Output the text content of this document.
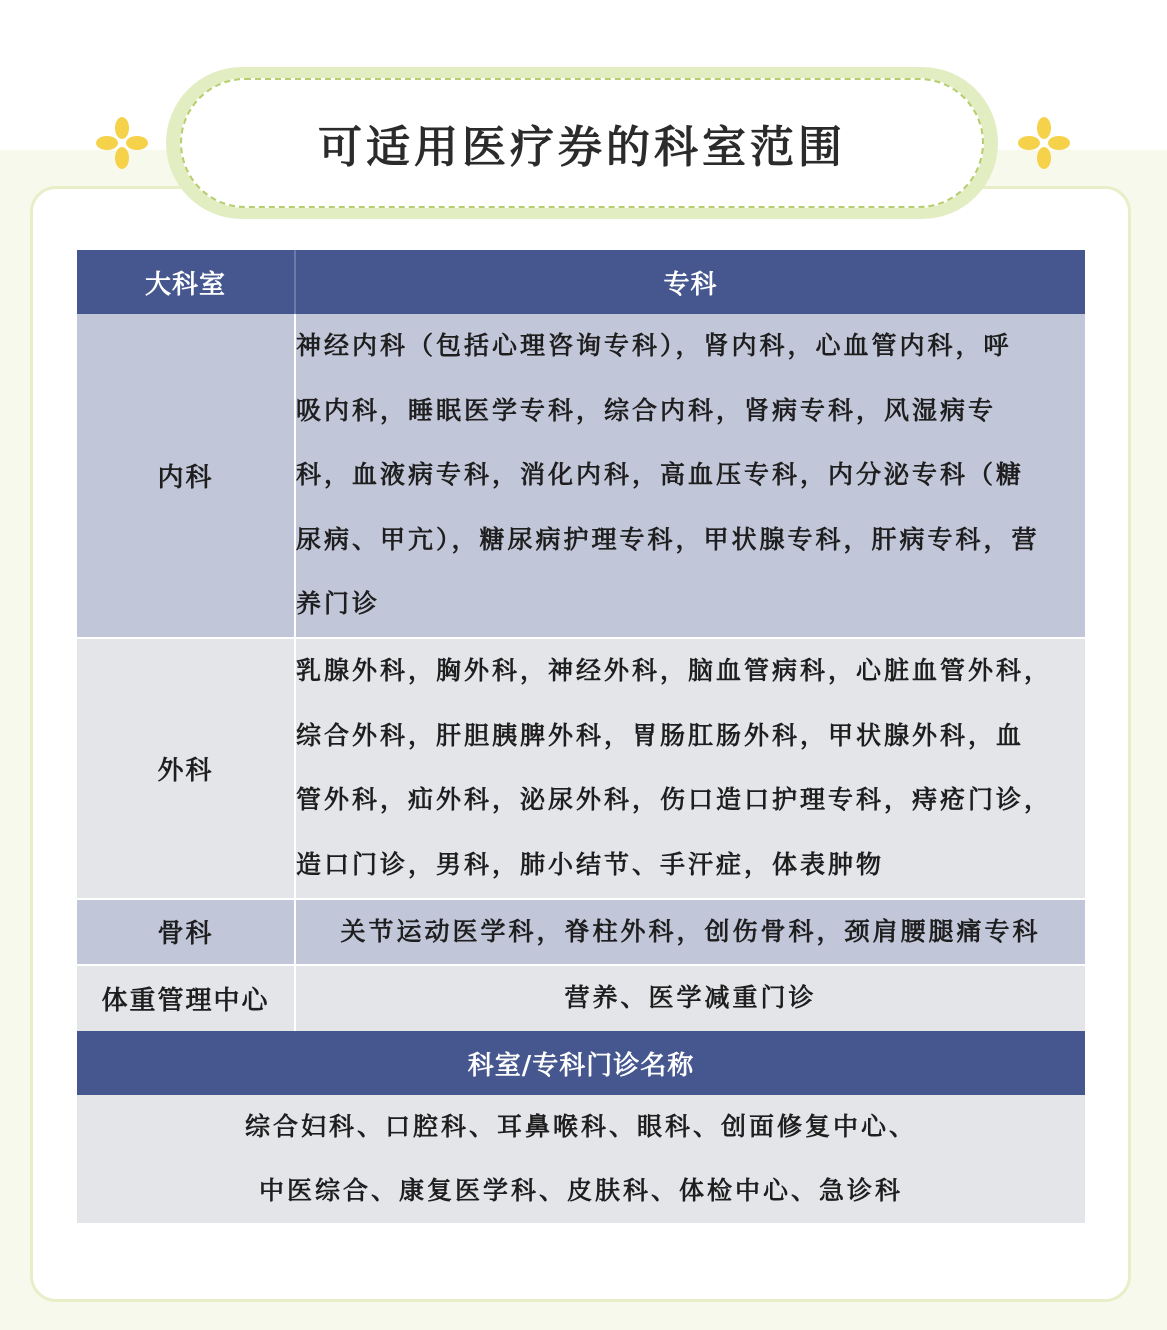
可适用医疗券的科室范围
大科室	专科
内科	神经内科（包括心理咨询专科），肾内科，心血管内科，呼
吸内科，睡眠医学专科，综合内科，肾病专科，风湿病专
科，血液病专科，消化内科，高血压专科，内分泌专科（糖
尿病、甲亢），糖尿病护理专科，甲状腺专科，肝病专科，营
养门诊

外科	乳腺外科，胸外科，神经外科，脑血管病科，心脏血管外科，
综合外科，肝胆胰脾外科，胃肠肛肠外科，甲状腺外科，血
管外科，疝外科，泌尿外科，伤口造口护理专科，痔疮门诊，
造口门诊，男科，肺小结节、手汗症，体表肿物

骨科	关节运动医学科，脊柱外科，创伤骨科，颈肩腰腿痛专科

体重管理中心	营养、医学减重门诊

科室/专科门诊名称	

综合妇科、口腔科、耳鼻喉科、眼科、创面修复中心、
中医综合、康复医学科、皮肤科、体检中心、急诊科	
